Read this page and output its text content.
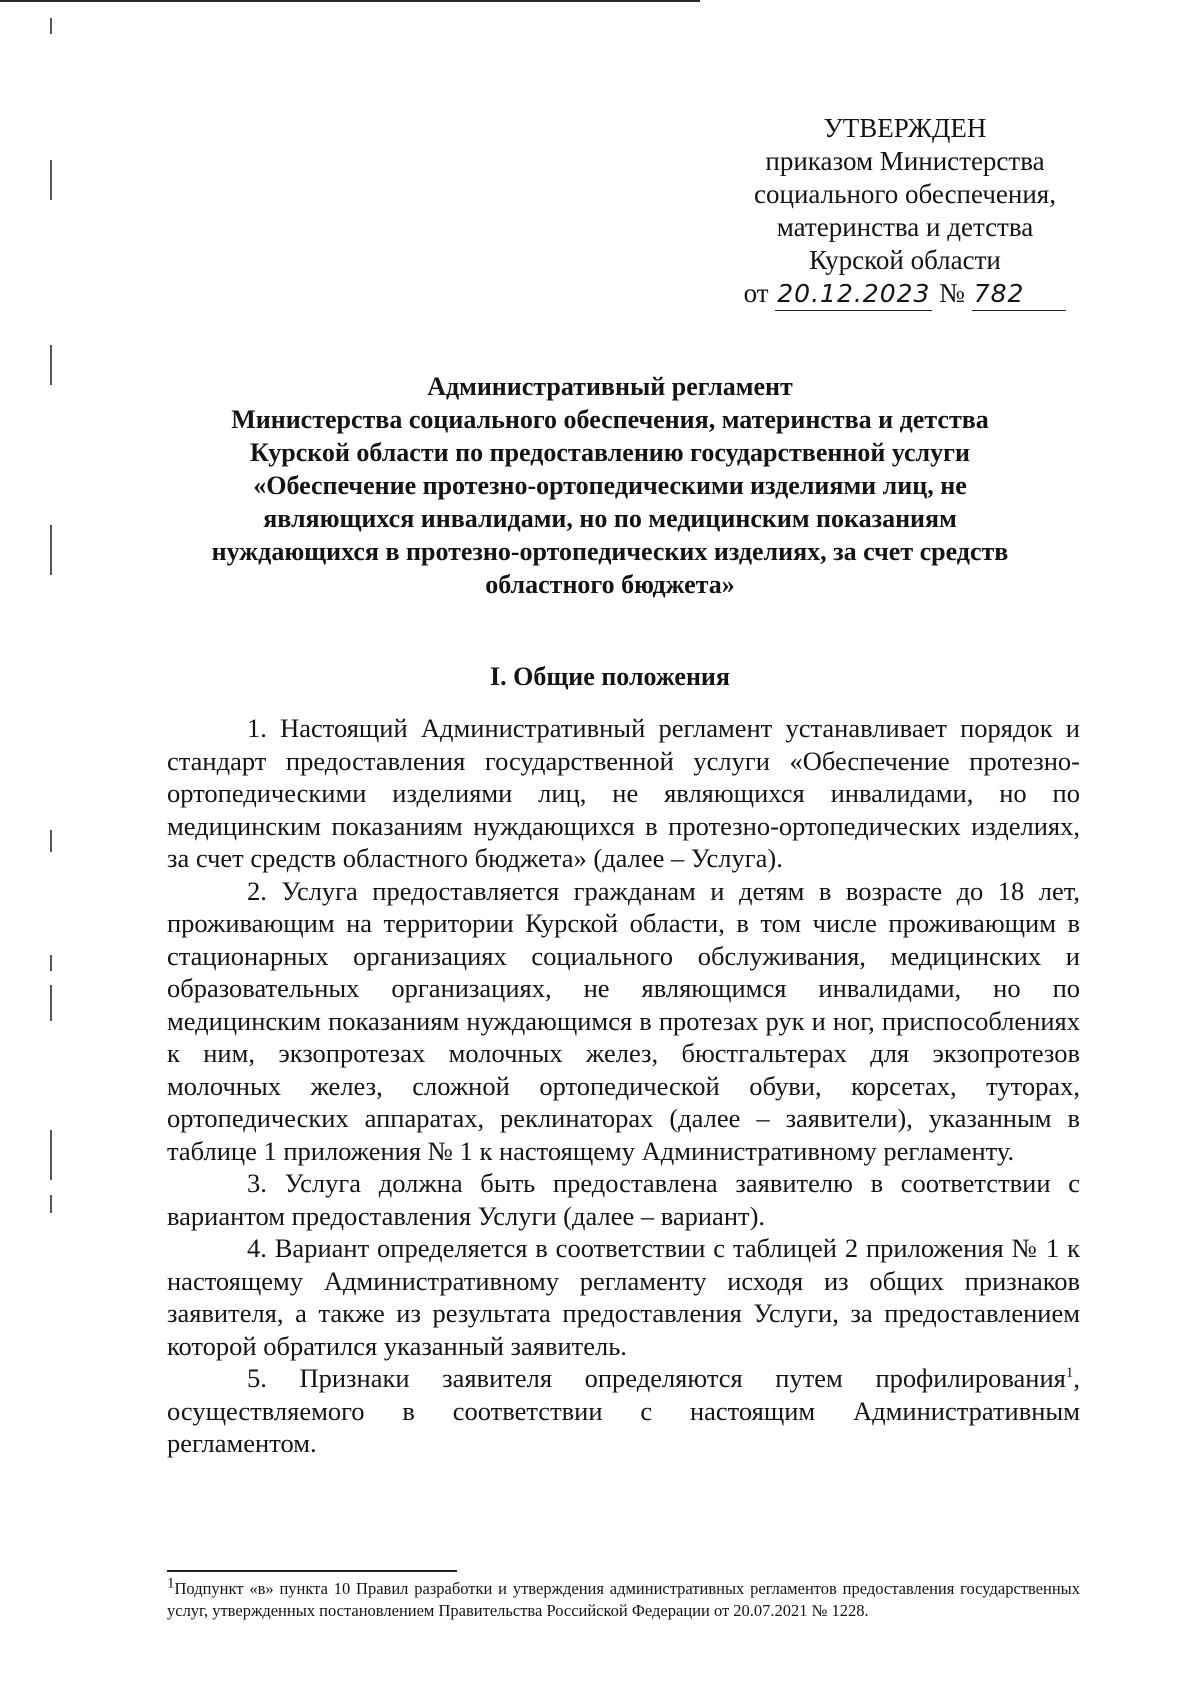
УТВЕРЖДЕН
приказом Министерства
социального обеспечения,
материнства и детства
Курской области
от 20.12.2023 № 782
Административный регламент
Министерства социального обеспечения, материнства и детства
Курской области по предоставлению государственной услуги
«Обеспечение протезно-ортопедическими изделиями лиц, не
являющихся инвалидами, но по медицинским показаниям
нуждающихся в протезно-ортопедических изделиях, за счет средств
областного бюджета»
I. Общие положения

1. Настоящий Административный регламент устанавливает порядок и стандарт предоставления государственной услуги «Обеспечение протезно-ортопедическими изделиями лиц, не являющихся инвалидами, но по медицинским показаниям нуждающихся в протезно-ортопедических изделиях, за счет средств областного бюджета» (далее – Услуга).

2. Услуга предоставляется гражданам и детям в возрасте до 18 лет, проживающим на территории Курской области, в том числе проживающим в стационарных организациях социального обслуживания, медицинских и образовательных организациях, не являющимся инвалидами, но по медицинским показаниям нуждающимся в протезах рук и ног, приспособлениях к ним, экзопротезах молочных желез, бюстгальтерах для экзопротезов молочных желез, сложной ортопедической обуви, корсетах, туторах, ортопедических аппаратах, реклинаторах (далее – заявители), указанным в таблице 1 приложения № 1 к настоящему Административному регламенту.

3. Услуга должна быть предоставлена заявителю в соответствии с вариантом предоставления Услуги (далее – вариант).

4. Вариант определяется в соответствии с таблицей 2 приложения № 1 к настоящему Административному регламенту исходя из общих признаков заявителя, а также из результата предоставления Услуги, за предоставлением которой обратился указанный заявитель.

5. Признаки заявителя определяются путем профилирования$^1$, осуществляемого в соответствии с настоящим Административным регламентом.

$^1$Подпункт «в» пункта 10 Правил разработки и утверждения административных регламентов предоставления государственных услуг, утвержденных постановлением Правительства Российской Федерации от 20.07.2021 № 1228.
